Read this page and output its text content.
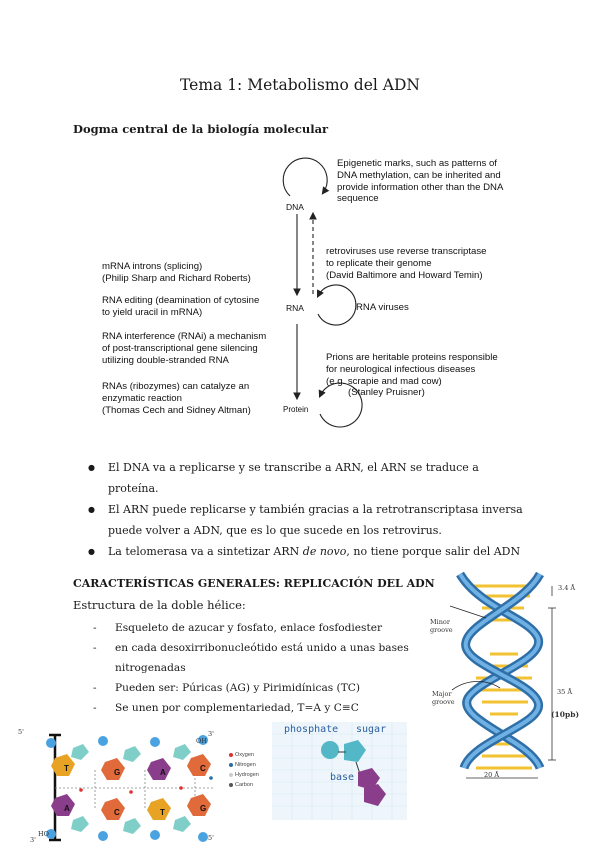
Tema 1: Metabolismo del ADN
Dogma central de la biología molecular
DNA
RNA
Protein
Epigenetic marks, such as patterns of
DNA methylation, can be inherited and
provide information other than the DNA
sequence
retroviruses use reverse transcriptase
to replicate their genome
(David Baltimore and Howard Temin)
RNA viruses
Prions are heritable proteins responsible
for neurological infectious diseases
(e.g. scrapie and mad cow)
(Stanley Pruisner)
mRNA introns (splicing)
(Philip Sharp and Richard Roberts)
RNA editing (deamination of cytosine
to yield uracil in mRNA)
RNA interference (RNAi) a mechanism
of post-transcriptional gene silencing
utilizing double-stranded RNA
RNAs (ribozymes) can catalyze an
enzymatic reaction
(Thomas Cech and Sidney Altman)
● El DNA va a replicarse y se transcribe a ARN, el ARN se traduce a
proteína.
● El ARN puede replicarse y también gracias a la retrotranscriptasa inversa
puede volver a ADN, que es lo que sucede en los retrovirus.
● La telomerasa va a sintetizar ARN de novo, no tiene porque salir del ADN
CARACTERÍSTICAS GENERALES: REPLICACIÓN DEL ADN
Estructura de la doble hélice:
- Esqueleto de azucar y fosfato, enlace fosfodiester
- en cada desoxirribonucleótido está unido a unas bases
nitrogenadas
- Pueden ser: Púricas (AG) y Pirimidínicas (TC)
- Se unen por complementariedad, T=A y C≡C
3.4 Å
Minor
groove
Major
groove
35 Å
(10pb)
20 Å
5'	3'
OH
HO
3'	5'
T	G	A	C
A	C	T	G
Oxygen
Nitrogen
Hydrogen
Carbon
phosphate sugar
base
